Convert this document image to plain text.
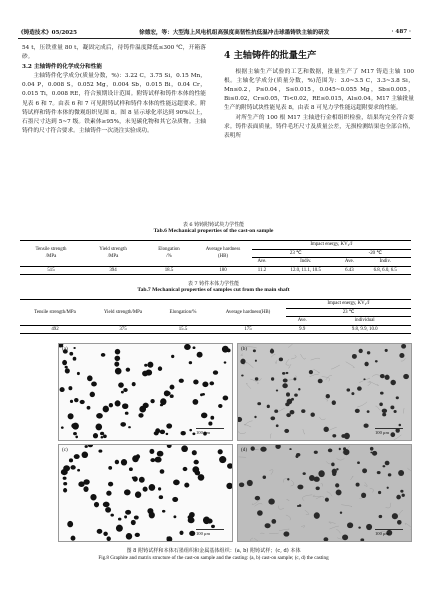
《铸造技术》05/2025	徐德宏，等：大型海上风电机组高强度高韧性抗低温冲击球墨铸铁主轴的研发	· 487 ·

54 t，压铁重量 80 t，凝固完成后，待铸件温度降低≤300 ℃，开箱落砂。

3.2 主轴铸件的化学成分和性能

主轴铸件化学成分(质量分数，%)：3.22 C，3.75 Si，0.15 Mn，0.04 P，0.008 S，0.052 Mg，0.004 Sb，0.015 Bi，0.04 Cr，0.015 Ti，0.008 RE，符合预期设计范围。附铸试样和铸件本体的性能见表 6 和 7。由表 6 和 7 可见附铸试样和铸件本体的性能远超要求。附铸试样和铸件本体的微观组织见图 8。图 8 显示球化率达到 90%以上，石墨尺寸达到 5~7 级。铁素体≥95%，未见碳化物和其它杂质物。主轴铸件的尺寸符合要求。主轴铸件一次浇注实验成功。

4 主轴铸件的批量生产

根据主轴生产试验的工艺和数据，批量生产了 M17 铸造主轴 100 根。主轴化学成分(质量分数，%)范围为：3.0~3.5 C，3.3~3.8 Si，Mn≤0.2，P≤0.04，S≤0.015，0.045~0.055 Mg，Sb≤0.005，Bi≤0.02，Cr≤0.05，Ti<0.02，RE≤0.015，Al≤0.04。M17 主轴批量生产的附铸试块性能见表 8，由表 8 可见力学性能远超附要求的性能。

对所生产的 100 根 M17 主轴进行金相组织检验，结果均完全符合要求。铸件表面质量，铸件毛坯尺寸及质量公差，无损检测结果也全部合格，表明所

表 6 铸铸附铸试块力学性能
Tab.6 Mechanical properties of the cast-on sample
Tensile strength
/MPa	Yield strength
/MPa	Elongation
/%	Average hardness
(HB)	Impact energy, KV₂/J			
				23 ℃		-20 ℃	
				Ave.	Indiv.	Ave.	Indiv.
515	394	18.5	180	11.2	12.0, 11.1, 10.5	6.43	6.8, 6.0, 6.5
表 7 铸件本体力学性能
Tab.7 Mechanical properties of samples cut from the main shaft
Tensile strength/MPa	Yield strength/MPa	Elongation/%	Average hardness(HB)	Impact energy, KV₂/J	
				23 ℃	
				Ave.	individual
492	375	15.5	175	9.9	9.8, 9.9, 10.0
(a)
100 μm
(b)
100 μm
(c)
100 μm
(d)
100 μm
图 8 附铸试样和本体石墨组织和金属基体组织：(a, b) 附铸试样；(c, d) 本体
Fig.8 Graphite and matrix structure of the cast-on sample and the casting: (a, b) cast-on sample; (c, d) the casting
